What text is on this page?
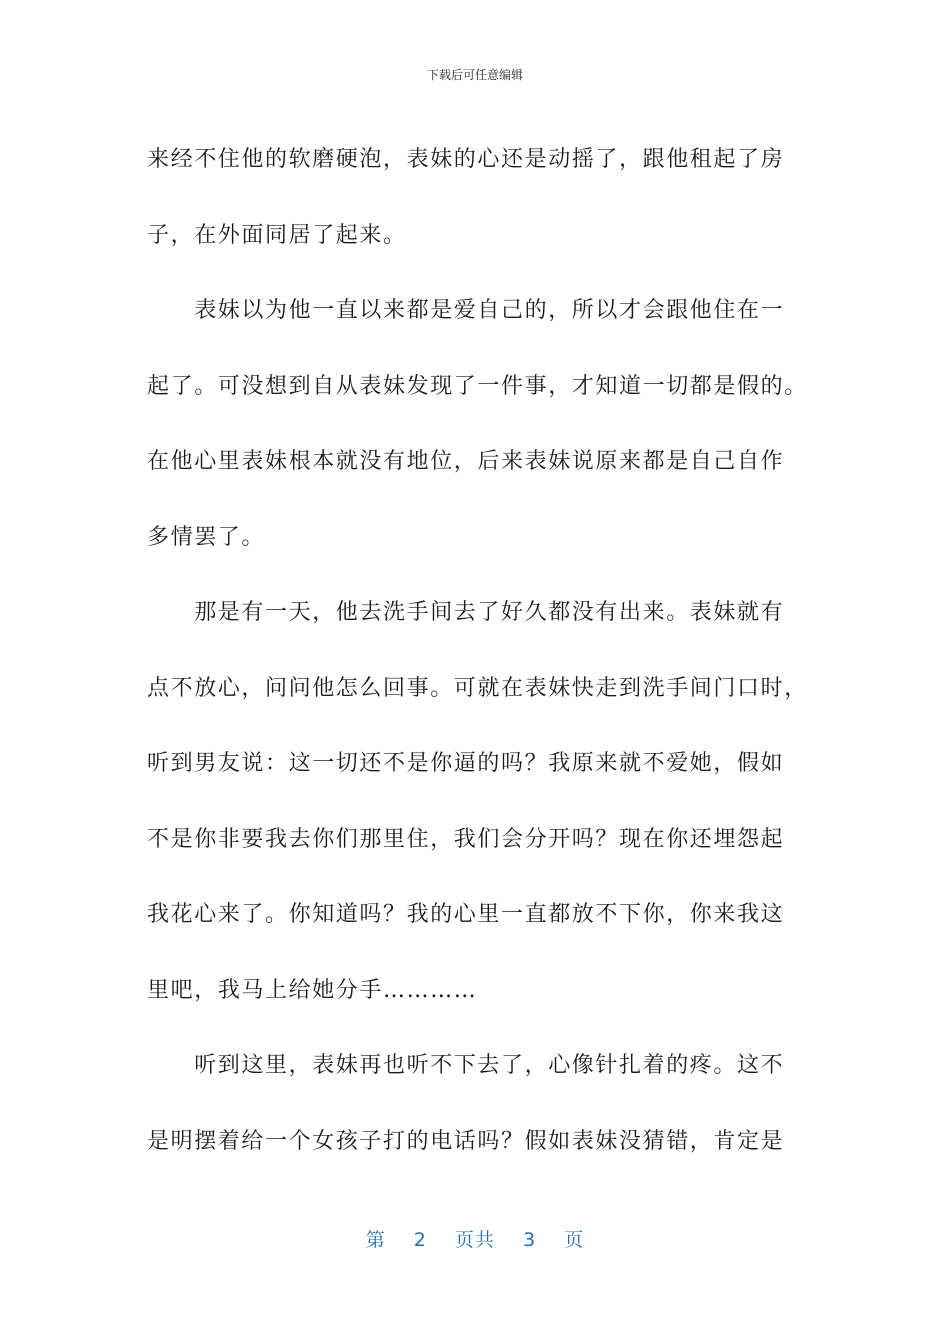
下载后可任意编辑
来经不住他的软磨硬泡，表妹的心还是动摇了，跟他租起了房
子，在外面同居了起来。
　　表妹以为他一直以来都是爱自己的，所以才会跟他住在一
起了。可没想到自从表妹发现了一件事，才知道一切都是假的。
在他心里表妹根本就没有地位，后来表妹说原来都是自己自作
多情罢了。
　　那是有一天，他去洗手间去了好久都没有出来。表妹就有
点不放心，问问他怎么回事。可就在表妹快走到洗手间门口时，
听到男友说：这一切还不是你逼的吗？我原来就不爱她，假如
不是你非要我去你们那里住，我们会分开吗？现在你还埋怨起
我花心来了。你知道吗？我的心里一直都放不下你，你来我这
里吧，我马上给她分手…………
　　听到这里，表妹再也听不下去了，心像针扎着的疼。这不
是明摆着给一个女孩子打的电话吗？假如表妹没猜错，肯定是
第 2 页共 3 页
